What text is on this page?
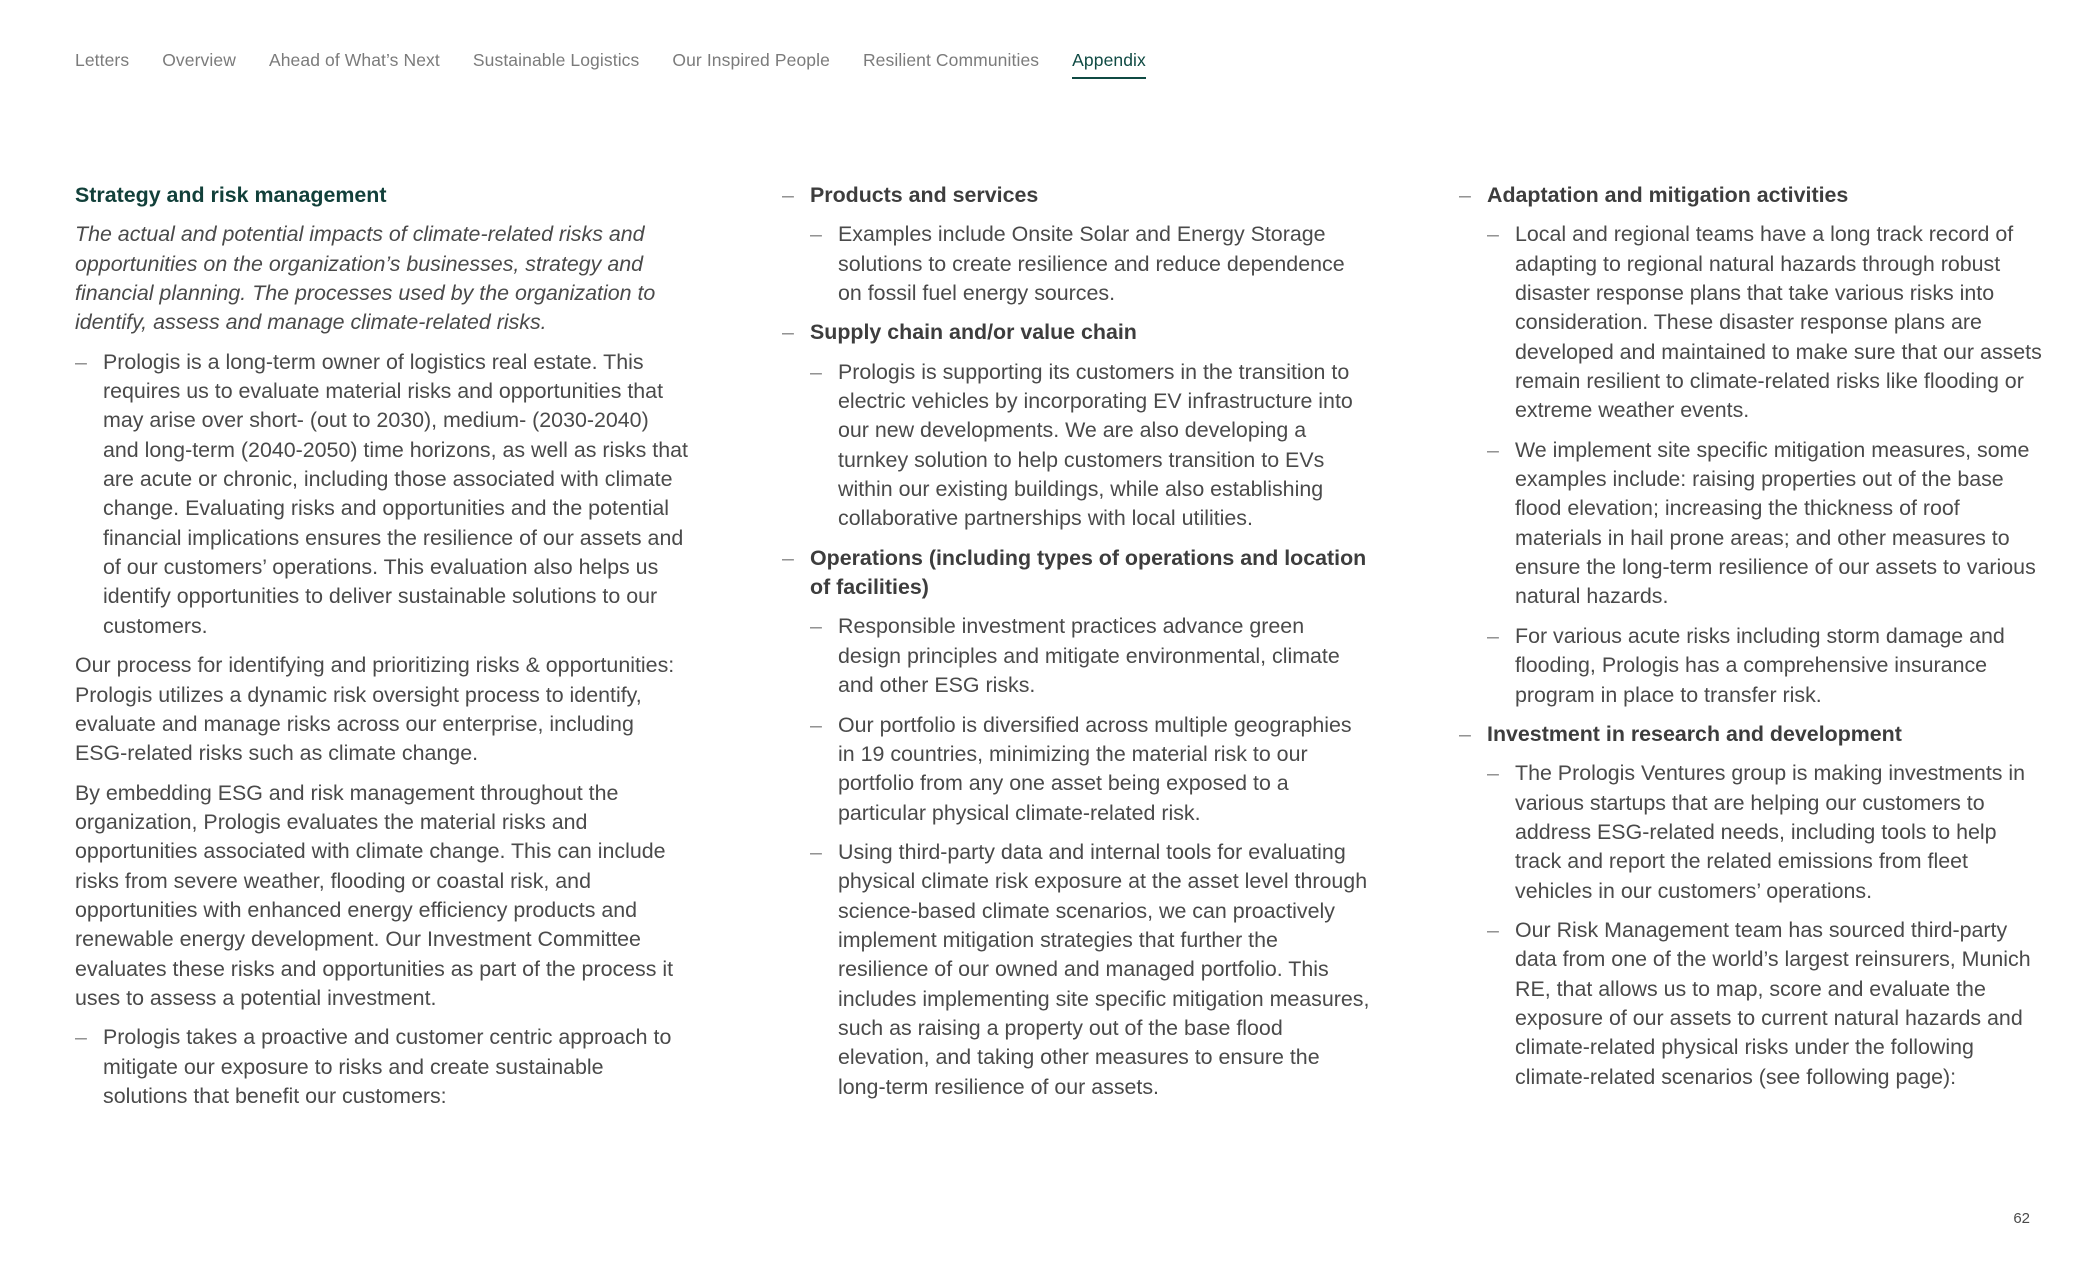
Letters Overview Ahead of What’s Next Sustainable Logistics Our Inspired People Resilient Communities Appendix
Strategy and risk management
The actual and potential impacts of climate-related risks and opportunities on the organization’s businesses, strategy and financial planning. The processes used by the organization to identify, assess and manage climate-related risks.
– Prologis is a long-term owner of logistics real estate. This requires us to evaluate material risks and opportunities that may arise over short- (out to 2030), medium- (2030-2040) and long-term (2040-2050) time horizons, as well as risks that are acute or chronic, including those associated with climate change. Evaluating risks and opportunities and the potential financial implications ensures the resilience of our assets and of our customers’ operations. This evaluation also helps us identify opportunities to deliver sustainable solutions to our customers.
Our process for identifying and prioritizing risks & opportunities: Prologis utilizes a dynamic risk oversight process to identify, evaluate and manage risks across our enterprise, including ESG-related risks such as climate change.
By embedding ESG and risk management throughout the organization, Prologis evaluates the material risks and opportunities associated with climate change. This can include risks from severe weather, flooding or coastal risk, and opportunities with enhanced energy efficiency products and renewable energy development. Our Investment Committee evaluates these risks and opportunities as part of the process it uses to assess a potential investment.
– Prologis takes a proactive and customer centric approach to mitigate our exposure to risks and create sustainable solutions that benefit our customers:
– Products and services
– Examples include Onsite Solar and Energy Storage solutions to create resilience and reduce dependence on fossil fuel energy sources.
– Supply chain and/or value chain
– Prologis is supporting its customers in the transition to electric vehicles by incorporating EV infrastructure into our new developments. We are also developing a turnkey solution to help customers transition to EVs within our existing buildings, while also establishing collaborative partnerships with local utilities.
– Operations (including types of operations and location of facilities)
– Responsible investment practices advance green design principles and mitigate environmental, climate and other ESG risks.
– Our portfolio is diversified across multiple geographies in 19 countries, minimizing the material risk to our portfolio from any one asset being exposed to a particular physical climate-related risk.
– Using third-party data and internal tools for evaluating physical climate risk exposure at the asset level through science-based climate scenarios, we can proactively implement mitigation strategies that further the resilience of our owned and managed portfolio. This includes implementing site specific mitigation measures, such as raising a property out of the base flood elevation, and taking other measures to ensure the long-term resilience of our assets.
– Adaptation and mitigation activities
– Local and regional teams have a long track record of adapting to regional natural hazards through robust disaster response plans that take various risks into consideration. These disaster response plans are developed and maintained to make sure that our assets remain resilient to climate-related risks like flooding or extreme weather events.
– We implement site specific mitigation measures, some examples include: raising properties out of the base flood elevation; increasing the thickness of roof materials in hail prone areas; and other measures to ensure the long-term resilience of our assets to various natural hazards.
– For various acute risks including storm damage and flooding, Prologis has a comprehensive insurance program in place to transfer risk.
– Investment in research and development
– The Prologis Ventures group is making investments in various startups that are helping our customers to address ESG-related needs, including tools to help track and report the related emissions from fleet vehicles in our customers’ operations.
– Our Risk Management team has sourced third-party data from one of the world’s largest reinsurers, Munich RE, that allows us to map, score and evaluate the exposure of our assets to current natural hazards and climate-related physical risks under the following climate-related scenarios (see following page):
62
